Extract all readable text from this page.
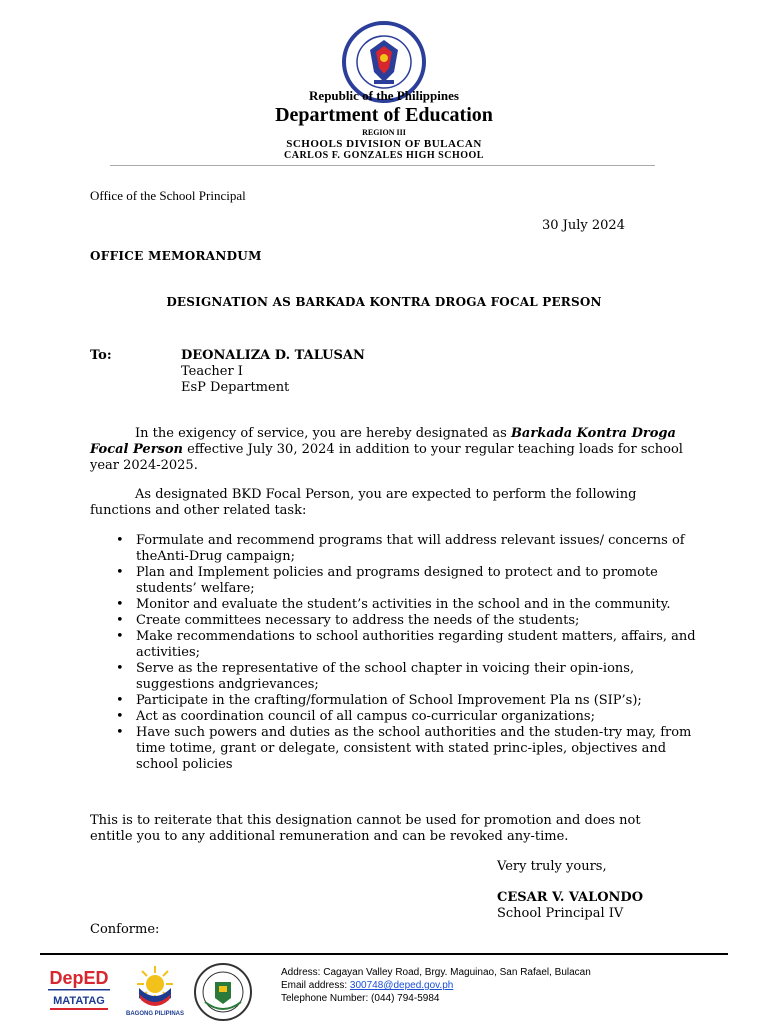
Republic of the Philippines
Department of Education
REGION III
SCHOOLS DIVISION OF BULACAN
CARLOS F. GONZALES HIGH SCHOOL
Office of the School Principal
30 July 2024
OFFICE MEMORANDUM
DESIGNATION AS BARKADA KONTRA DROGA FOCAL PERSON
To:	DEONALIZA D. TALUSAN
Teacher I
EsP Department
In the exigency of service, you are hereby designated as Barkada Kontra Droga Focal Person effective July 30, 2024 in addition to your regular teaching loads for school year 2024-2025.
As designated BKD Focal Person, you are expected to perform the following functions and other related task:
• Formulate and recommend programs that will address relevant issues/ concerns of theAnti-Drug campaign;
• Plan and Implement policies and programs designed to protect and to promote students’ welfare;
• Monitor and evaluate the student’s activities in the school and in the community.
• Create committees necessary to address the needs of the students;
• Make recommendations to school authorities regarding student matters, affairs, and activities;
• Serve as the representative of the school chapter in voicing their opin-ions, suggestions andgrievances;
• Participate in the crafting/formulation of School Improvement Pla ns (SIP’s);
• Act as coordination council of all campus co-curricular organizations;
• Have such powers and duties as the school authorities and the studen-try may, from time totime, grant or delegate, consistent with stated princ-iples, objectives and school policies
This is to reiterate that this designation cannot be used for promotion and does not entitle you to any additional remuneration and can be revoked any-time.
Very truly yours,
CESAR V. VALONDO
School Principal IV
Conforme:
DepED
MATATAG
BAGONG PILIPINAS
Address: Cagayan Valley Road, Brgy. Maguinao, San Rafael, Bulacan
Email address: 300748@deped.gov.ph
Telephone Number: (044) 794-5984
